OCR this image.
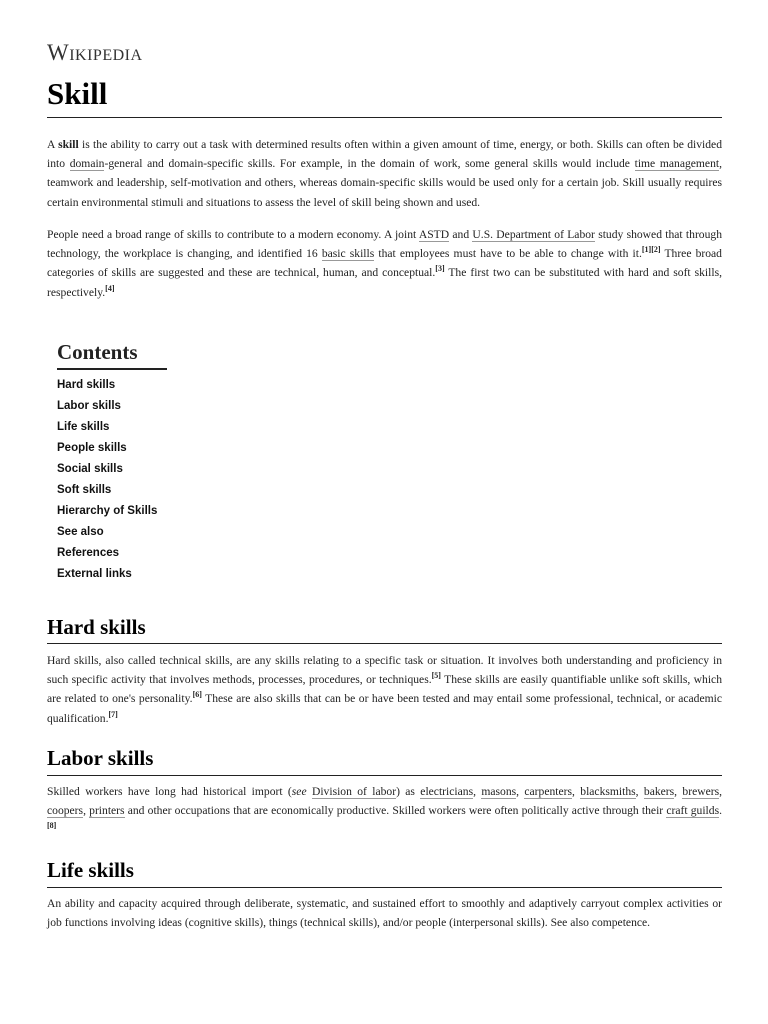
Wikipedia
Skill

A skill is the ability to carry out a task with determined results often within a given amount of time, energy, or both. Skills can often be divided into domain-general and domain-specific skills. For example, in the domain of work, some general skills would include time management, teamwork and leadership, self-motivation and others, whereas domain-specific skills would be used only for a certain job. Skill usually requires certain environmental stimuli and situations to assess the level of skill being shown and used.

People need a broad range of skills to contribute to a modern economy. A joint ASTD and U.S. Department of Labor study showed that through technology, the workplace is changing, and identified 16 basic skills that employees must have to be able to change with it.[1][2] Three broad categories of skills are suggested and these are technical, human, and conceptual.[3] The first two can be substituted with hard and soft skills, respectively.[4]

Contents
Hard skills
Labor skills
Life skills
People skills
Social skills
Soft skills
Hierarchy of Skills
See also
References
External links
Hard skills

Hard skills, also called technical skills, are any skills relating to a specific task or situation. It involves both understanding and proficiency in such specific activity that involves methods, processes, procedures, or techniques.[5] These skills are easily quantifiable unlike soft skills, which are related to one's personality.[6] These are also skills that can be or have been tested and may entail some professional, technical, or academic qualification.[7]

Labor skills

Skilled workers have long had historical import (see Division of labor) as electricians, masons, carpenters, blacksmiths, bakers, brewers, coopers, printers and other occupations that are economically productive. Skilled workers were often politically active through their craft guilds.[8]

Life skills

An ability and capacity acquired through deliberate, systematic, and sustained effort to smoothly and adaptively carryout complex activities or job functions involving ideas (cognitive skills), things (technical skills), and/or people (interpersonal skills). See also competence.
